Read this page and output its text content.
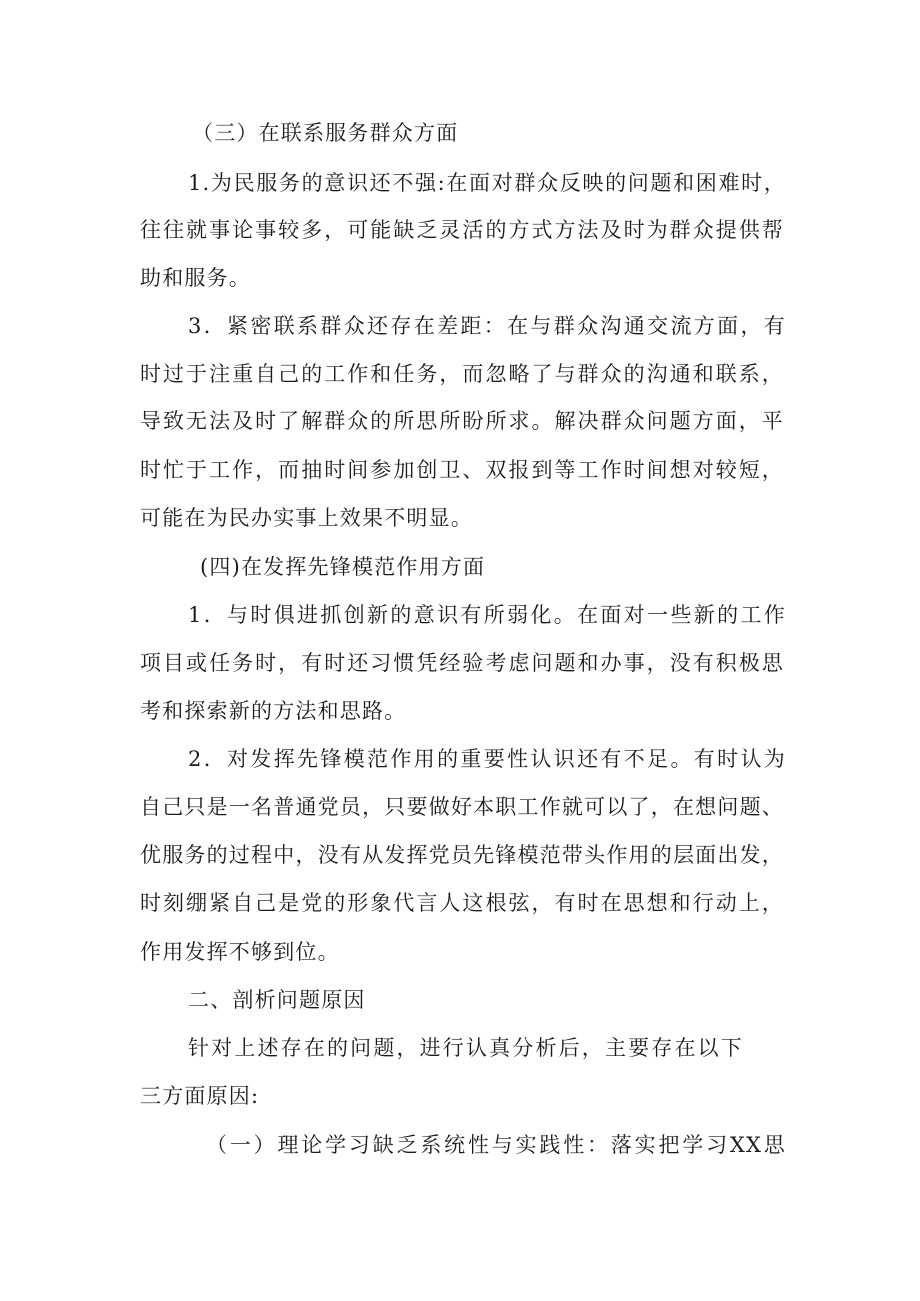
（三）在联系服务群众方面
1.为民服务的意识还不强:在面对群众反映的问题和困难时，
往往就事论事较多，可能缺乏灵活的方式方法及时为群众提供帮
助和服务。
3．紧密联系群众还存在差距：在与群众沟通交流方面，有
时过于注重自己的工作和任务，而忽略了与群众的沟通和联系，
导致无法及时了解群众的所思所盼所求。解决群众问题方面，平
时忙于工作，而抽时间参加创卫、双报到等工作时间想对较短，
可能在为民办实事上效果不明显。
(四)在发挥先锋模范作用方面
1．与时俱进抓创新的意识有所弱化。在面对一些新的工作
项目或任务时，有时还习惯凭经验考虑问题和办事，没有积极思
考和探索新的方法和思路。
2．对发挥先锋模范作用的重要性认识还有不足。有时认为
自己只是一名普通党员，只要做好本职工作就可以了，在想问题、
优服务的过程中，没有从发挥党员先锋模范带头作用的层面出发，
时刻绷紧自己是党的形象代言人这根弦，有时在思想和行动上，
作用发挥不够到位。
二、剖析问题原因
针对上述存在的问题，进行认真分析后，主要存在以下
三方面原因:
（一）理论学习缺乏系统性与实践性：落实把学习XX思
